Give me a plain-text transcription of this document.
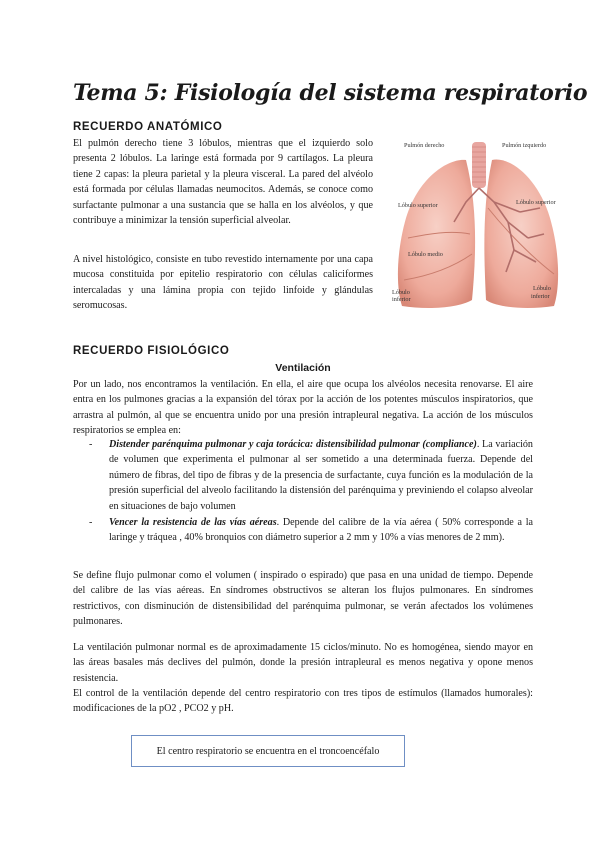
Tema 5: Fisiología del sistema respiratorio
RECUERDO ANATÓMICO

El pulmón derecho tiene 3 lóbulos, mientras que el izquierdo solo presenta 2 lóbulos. La laringe está formada por 9 cartílagos. La pleura tiene 2 capas: la pleura parietal y la pleura visceral. La pared del alvéolo está formada por células llamadas neumocitos. Además, se conoce como surfactante pulmonar a una sustancia que se halla en los alvéolos, y que contribuye a minimizar la tensión superficial alveolar.

A nivel histológico, consiste en tubo revestido internamente por una capa mucosa constituida por epitelio respiratorio con células caliciformes intercaladas y una lámina propia con tejido linfoide y glándulas seromucosas.

Pulmón derecho	Pulmón izquierdo
Lóbulo superior	Lóbulo superior
Lóbulo medio
Lóbulo
inferior
Lóbulo
inferior
RECUERDO FISIOLÓGICO

Ventilación

Por un lado, nos encontramos la ventilación. En ella, el aire que ocupa los alvéolos necesita renovarse. El aire entra en los pulmones gracias a la expansión del tórax por la acción de los potentes músculos inspiratorios, que arrastra al pulmón, al que se encuentra unido por una presión intrapleural negativa. La acción de los músculos respiratorios se emplea en:

- Distender parénquima pulmonar y caja torácica: distensibilidad pulmonar (compliance). La variación de volumen que experimenta el pulmonar al ser sometido a una determinada fuerza. Depende del número de fibras, del tipo de fibras y de la presencia de surfactante, cuya función es la modulación de la presión superficial del alveolo facilitando la distensión del parénquima y previniendo el colapso alveolar en situaciones de bajo volumen
- Vencer la resistencia de las vías aéreas. Depende del calibre de la vía aérea ( 50% corresponde a la laringe y tráquea , 40% bronquios con diámetro superior a 2 mm y 10% a vías menores de 2 mm).

Se define flujo pulmonar como el volumen ( inspirado o espirado) que pasa en una unidad de tiempo. Depende del calibre de las vías aéreas. En síndromes obstructivos se alteran los flujos pulmonares. En síndromes restrictivos, con disminución de distensibilidad del parénquima pulmonar, se verán afectados los volúmenes pulmonares.

La ventilación pulmonar normal es de aproximadamente 15 ciclos/minuto. No es homogénea, siendo mayor en las áreas basales más declives del pulmón, donde la presión intrapleural es menos negativa y opone menos resistencia.

El control de la ventilación depende del centro respiratorio con tres tipos de estímulos (llamados humorales): modificaciones de la pO2 , PCO2 y pH.

El centro respiratorio se encuentra en el troncoencéfalo
